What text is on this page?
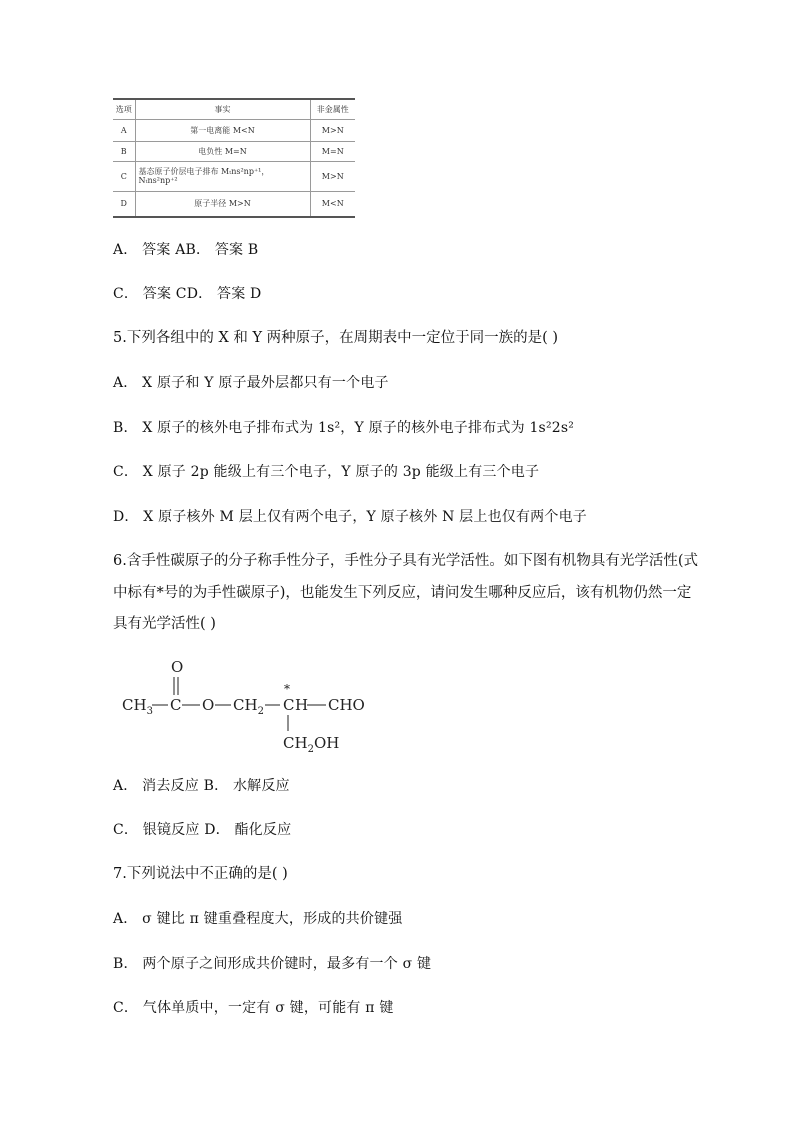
选项	事实	非金属性
A	第一电离能 M<N	M>N
B	电负性 M=N	M=N
C	基态原子价层电子排布 Mₜns²np⁺¹，
Nₜns²np⁺²	M>N
D	原子半径 M>N	M<N
A． 答案 AB． 答案 B
C． 答案 CD． 答案 D
5.下列各组中的 X 和 Y 两种原子，在周期表中一定位于同一族的是( )
A． X 原子和 Y 原子最外层都只有一个电子
B． X 原子的核外电子排布式为 1s²，Y 原子的核外电子排布式为 1s²2s²
C． X 原子 2p 能级上有三个电子，Y 原子的 3p 能级上有三个电子
D． X 原子核外 M 层上仅有两个电子，Y 原子核外 N 层上也仅有两个电子
6.含手性碳原子的分子称手性分子，手性分子具有光学活性。如下图有机物具有光学活性(式
中标有*号的为手性碳原子)，也能发生下列反应，请问发生哪种反应后，该有机物仍然一定
具有光学活性( )
O
$CH_3$ C O $CH_2$
*
C H CHO
$CH_2OH$
A． 消去反应 B． 水解反应
C． 银镜反应 D． 酯化反应
7.下列说法中不正确的是( )
A． σ 键比 π 键重叠程度大，形成的共价键强
B． 两个原子之间形成共价键时，最多有一个 σ 键
C． 气体单质中，一定有 σ 键，可能有 π 键
